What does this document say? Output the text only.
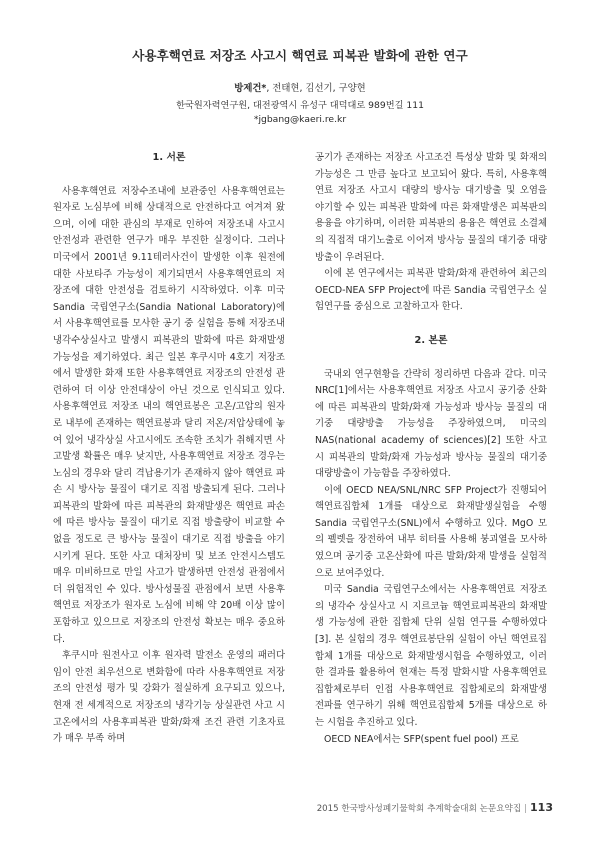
사용후핵연료 저장조 사고시 핵연료 피복관 발화에 관한 연구
방제건*, 전태현, 김선기, 구양현
한국원자력연구원, 대전광역시 유성구 대덕대로 989번길 111
*jgbang@kaeri.re.kr
1. 서론

사용후핵연료 저장수조내에 보관중인 사용후핵연료는 원자로 노심부에 비해 상대적으로 안전하다고 여겨져 왔으며, 이에 대한 관심의 부재로 인하여 저장조내 사고시 안전성과 관련한 연구가 매우 부진한 실정이다. 그러나 미국에서 2001년 9.11테러사건이 발생한 이후 원전에 대한 사보타주 가능성이 제기되면서 사용후핵연료의 저장조에 대한 안전성을 검토하기 시작하였다. 이후 미국 Sandia 국립연구소(Sandia National Laboratory)에서 사용후핵연료를 모사한 공기 중 실험을 통해 저장조내 냉각수상실사고 발생시 피복관의 발화에 따른 화재발생 가능성을 제기하였다. 최근 일본 후쿠시마 4호기 저장조에서 발생한 화재 또한 사용후핵연료 저장조의 안전성 관련하여 더 이상 안전대상이 아닌 것으로 인식되고 있다. 사용후핵연료 저장조 내의 핵연료봉은 고온/고압의 원자로 내부에 존재하는 핵연료봉과 달리 저온/저압상태에 놓여 있어 냉각상실 사고시에도 조속한 조치가 취해지면 사고발생 확률은 매우 낮지만, 사용후핵연료 저장조 경우는 노심의 경우와 달리 격납용기가 존재하지 않아 핵연료 파손 시 방사능 물질이 대기로 직접 방출되게 된다. 그러나 피복관의 발화에 따른 피복관의 화재발생은 핵연료 파손에 따른 방사능 물질이 대기로 직접 방출량이 비교할 수 없을 정도로 큰 방사능 물질이 대기로 직접 방출을 야기시키게 된다. 또한 사고 대처장비 및 보조 안전시스템도 매우 미비하므로 만일 사고가 발생하면 안전성 관점에서 더 위험적인 수 있다. 방사성물질 관점에서 보면 사용후핵연료 저장조가 원자로 노심에 비해 약 20배 이상 많이 포함하고 있으므로 저장조의 안전성 확보는 매우 중요하다.

후쿠시마 원전사고 이후 원자력 발전소 운영의 패러다임이 안전 최우선으로 변화함에 따라 사용후핵연료 저장조의 안전성 평가 및 강화가 절실하게 요구되고 있으나, 현재 전 세계적으로 저장조의 냉각기능 상실관련 사고 시 고온에서의 사용후피복관 발화/화재 조건 관련 기초자료가 매우 부족 하며

공기가 존재하는 저장조 사고조건 특성상 발화 및 화재의 가능성은 그 만큼 높다고 보고되어 왔다. 특히, 사용후핵연료 저장조 사고시 대량의 방사능 대기방출 및 오염을 야기할 수 있는 피복관 발화에 따른 화재발생은 피복판의 용융을 야기하며, 이러한 피복판의 용융은 핵연료 소결체의 직접적 대기노출로 이어져 방사능 물질의 대기중 대량방출이 우려된다.

이에 본 연구에서는 피복관 발화/화재 관련하여 최근의 OECD-NEA SFP Project에 따른 Sandia 국립연구소 실험연구를 중심으로 고찰하고자 한다.

2. 본론

국내외 연구현황을 간략히 정리하면 다음과 같다. 미국 NRC[1]에서는 사용후핵연료 저장조 사고시 공기중 산화에 따른 피복관의 발화/화재 가능성과 방사능 물질의 대기중 대량방출 가능성을 주장하였으며, 미국의 NAS(national academy of sciences)[2] 또한 사고 시 피복관의 발화/화재 가능성과 방사능 물질의 대기중 대량방출이 가능함을 주장하였다.

이에 OECD NEA/SNL/NRC SFP Project가 진행되어 핵연료집합체 1개를 대상으로 화재발생실험을 수행 Sandia 국립연구소(SNL)에서 수행하고 있다. MgO 모의 펠렛을 장전하여 내부 히터를 사용해 붕괴열을 모사하였으며 공기중 고온산화에 따른 발화/화재 발생을 실험적으로 보여주었다.

미국 Sandia 국립연구소에서는 사용후핵연료 저장조의 냉각수 상실사고 시 지르코늄 핵연료피복관의 화재발생 가능성에 관한 집합체 단위 실험 연구를 수행하였다[3]. 본 실험의 경우 핵연료봉단위 실험이 아닌 핵연료집합체 1개를 대상으로 화재발생시험을 수행하였고, 이러한 결과를 활용하여 현재는 특정 발화시발 사용후핵연료 집합체로부터 인접 사용후핵연료 집합체로의 화재발생 전파를 연구하기 위해 핵연료집합체 5개를 대상으로 하는 시험을 추진하고 있다.

OECD NEA에서는 SFP(spent fuel pool) 프로

2015 한국방사성폐기물학회 추계학술대회 논문요약집 | 113
